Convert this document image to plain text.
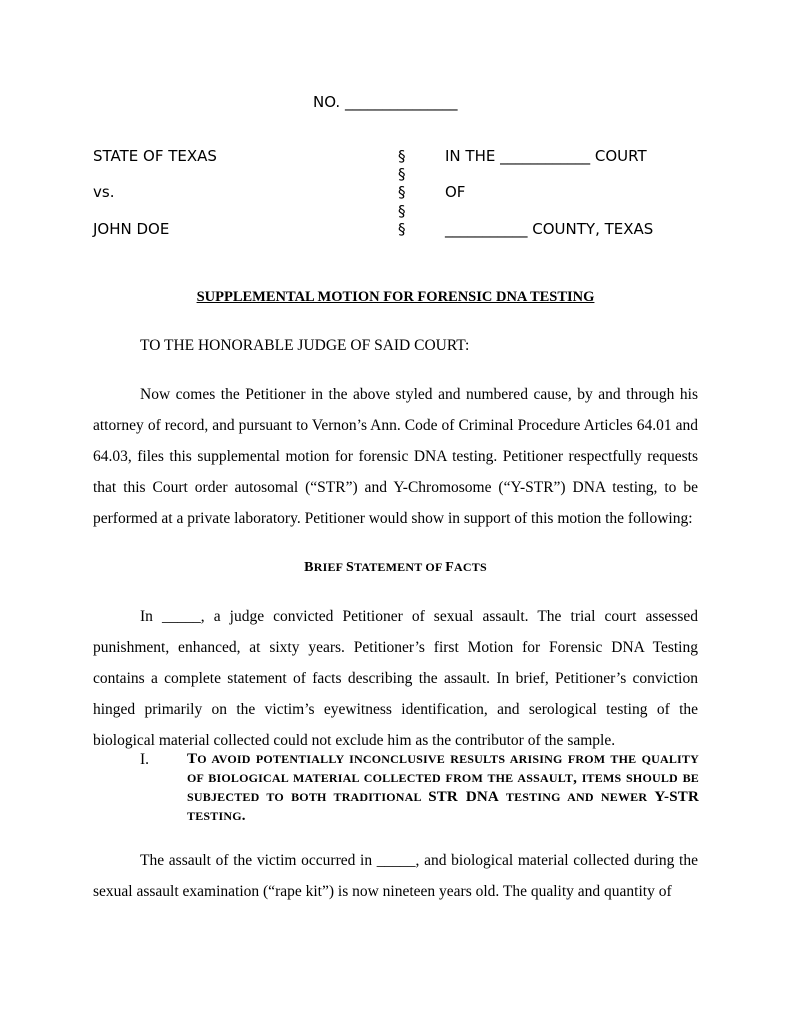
NO. _______________
STATE OF TEXAS
vs.
JOHN DOE
§
§
§
§
§
IN THE ____________ COURT
OF
___________ COUNTY, TEXAS
SUPPLEMENTAL MOTION FOR FORENSIC DNA TESTING
TO THE HONORABLE JUDGE OF SAID COURT:

Now comes the Petitioner in the above styled and numbered cause, by and through his attorney of record, and pursuant to Vernon’s Ann. Code of Criminal Procedure Articles 64.01 and 64.03, files this supplemental motion for forensic DNA testing. Petitioner respectfully requests that this Court order autosomal (“STR”) and Y-Chromosome (“Y-STR”) DNA testing, to be performed at a private laboratory. Petitioner would show in support of this motion the following:

BRIEF STATEMENT OF FACTS

In _____, a judge convicted Petitioner of sexual assault. The trial court assessed punishment, enhanced, at sixty years. Petitioner’s first Motion for Forensic DNA Testing contains a complete statement of facts describing the assault. In brief, Petitioner’s conviction hinged primarily on the victim’s eyewitness identification, and serological testing of the biological material collected could not exclude him as the contributor of the sample.

I.	TO AVOID POTENTIALLY INCONCLUSIVE RESULTS ARISING FROM THE QUALITY OF BIOLOGICAL MATERIAL COLLECTED FROM THE ASSAULT, ITEMS SHOULD BE SUBJECTED TO BOTH TRADITIONAL STR DNA TESTING AND NEWER Y-STR TESTING.

The assault of the victim occurred in _____, and biological material collected during the sexual assault examination (“rape kit”) is now nineteen years old. The quality and quantity of
